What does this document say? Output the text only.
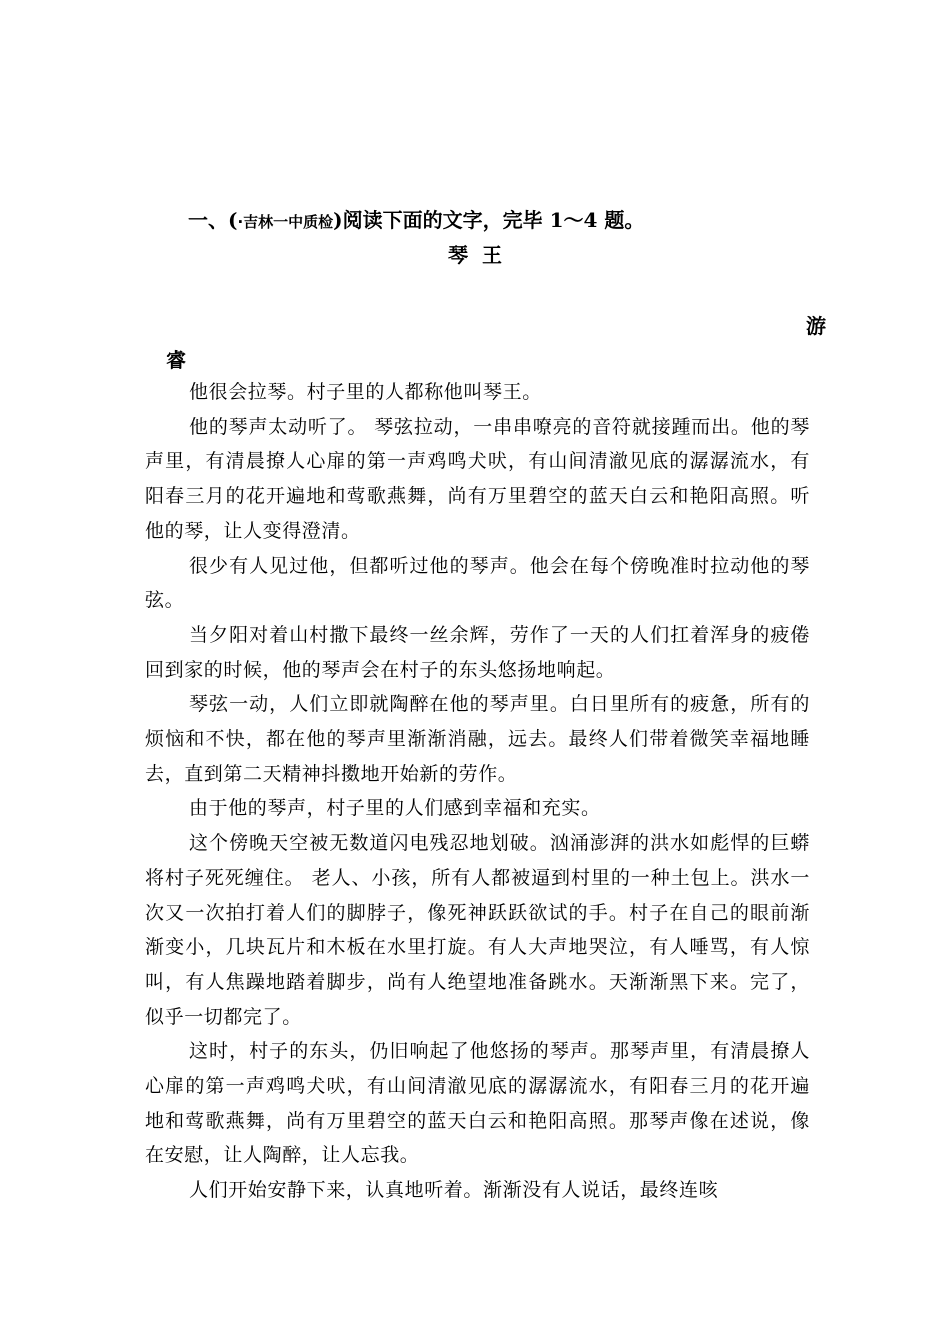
一、(·吉林一中质检)阅读下面的文字，完毕 1～4 题。
琴王
游
睿

他很会拉琴。村子里的人都称他叫琴王。

他的琴声太动听了。 琴弦拉动，一串串嘹亮的音符就接踵而出。他的琴声里，有清晨撩人心扉的第一声鸡鸣犬吠，有山间清澈见底的潺潺流水，有阳春三月的花开遍地和莺歌燕舞，尚有万里碧空的蓝天白云和艳阳高照。听他的琴，让人变得澄清。

很少有人见过他，但都听过他的琴声。他会在每个傍晚准时拉动他的琴弦。

当夕阳对着山村撒下最终一丝余辉，劳作了一天的人们扛着浑身的疲倦回到家的时候，他的琴声会在村子的东头悠扬地响起。

琴弦一动，人们立即就陶醉在他的琴声里。白日里所有的疲惫，所有的烦恼和不快，都在他的琴声里渐渐消融，远去。最终人们带着微笑幸福地睡去，直到第二天精神抖擞地开始新的劳作。

由于他的琴声，村子里的人们感到幸福和充实。

这个傍晚天空被无数道闪电残忍地划破。汹涌澎湃的洪水如彪悍的巨蟒将村子死死缠住。 老人、小孩，所有人都被逼到村里的一种土包上。洪水一次又一次拍打着人们的脚脖子，像死神跃跃欲试的手。村子在自己的眼前渐渐变小，几块瓦片和木板在水里打旋。有人大声地哭泣，有人唾骂，有人惊叫，有人焦躁地踏着脚步，尚有人绝望地准备跳水。天渐渐黑下来。完了，似乎一切都完了。

这时，村子的东头，仍旧响起了他悠扬的琴声。那琴声里，有清晨撩人心扉的第一声鸡鸣犬吠，有山间清澈见底的潺潺流水，有阳春三月的花开遍地和莺歌燕舞，尚有万里碧空的蓝天白云和艳阳高照。那琴声像在述说，像在安慰，让人陶醉，让人忘我。

人们开始安静下来，认真地听着。渐渐没有人说话，最终连咳
